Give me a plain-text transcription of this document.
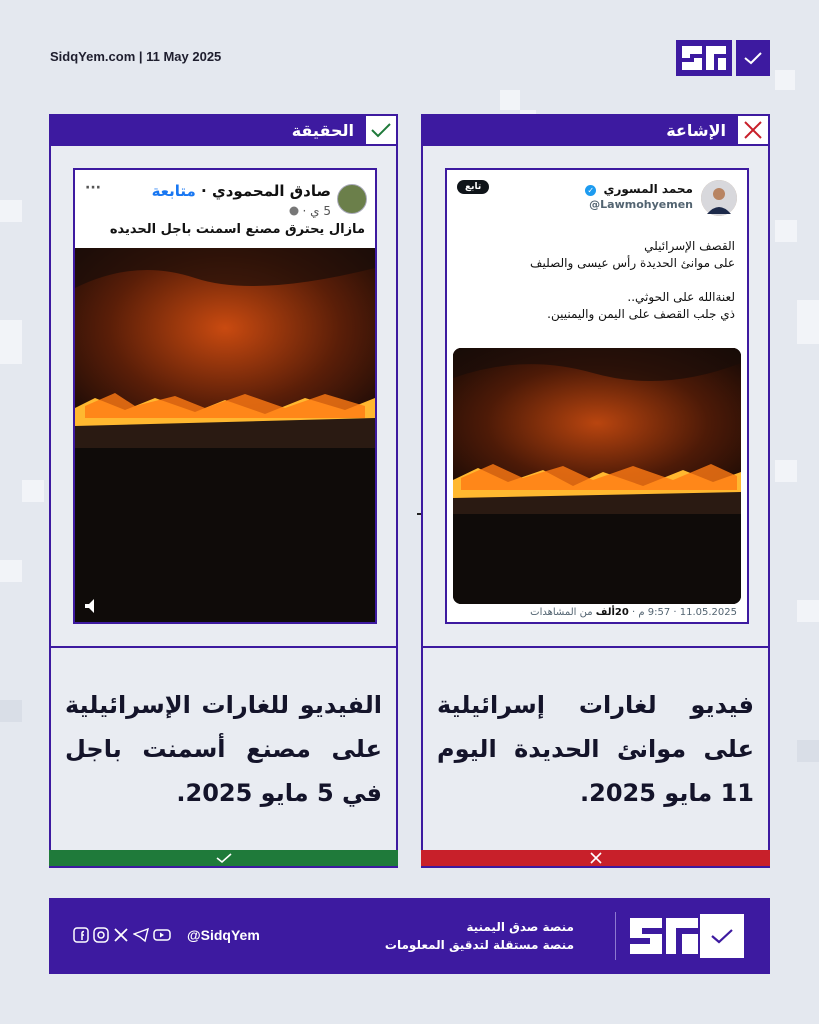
SidqYem.com | 11 May 2025
الحقيقة
صادق المحمودي · متابعة
5 ي ·
···
مازال يحترق مصنع اسمنت باجل الحديده

الفيديو للغارات الإسرائيلية على مصنع أسمنت باجل في 5 مايو 2025.

الإشاعة
محمد المسوري ✓
@Lawmohyemen
تابع
القصف الإسرائيلي
على موانئ الحديدة رأس عيسى والصليف
لعنةالله على الحوثي..
ذي جلب القصف على اليمن واليمنيين.
11.05.2025 · 9:57 م · 20ألف من المشاهدات

فيديو لغارات إسرائيلية على موانئ الحديدة اليوم 11 مايو 2025.

@SidqYem	منصة صدق اليمنية
منصة مستقلة لتدقيق المعلومات
